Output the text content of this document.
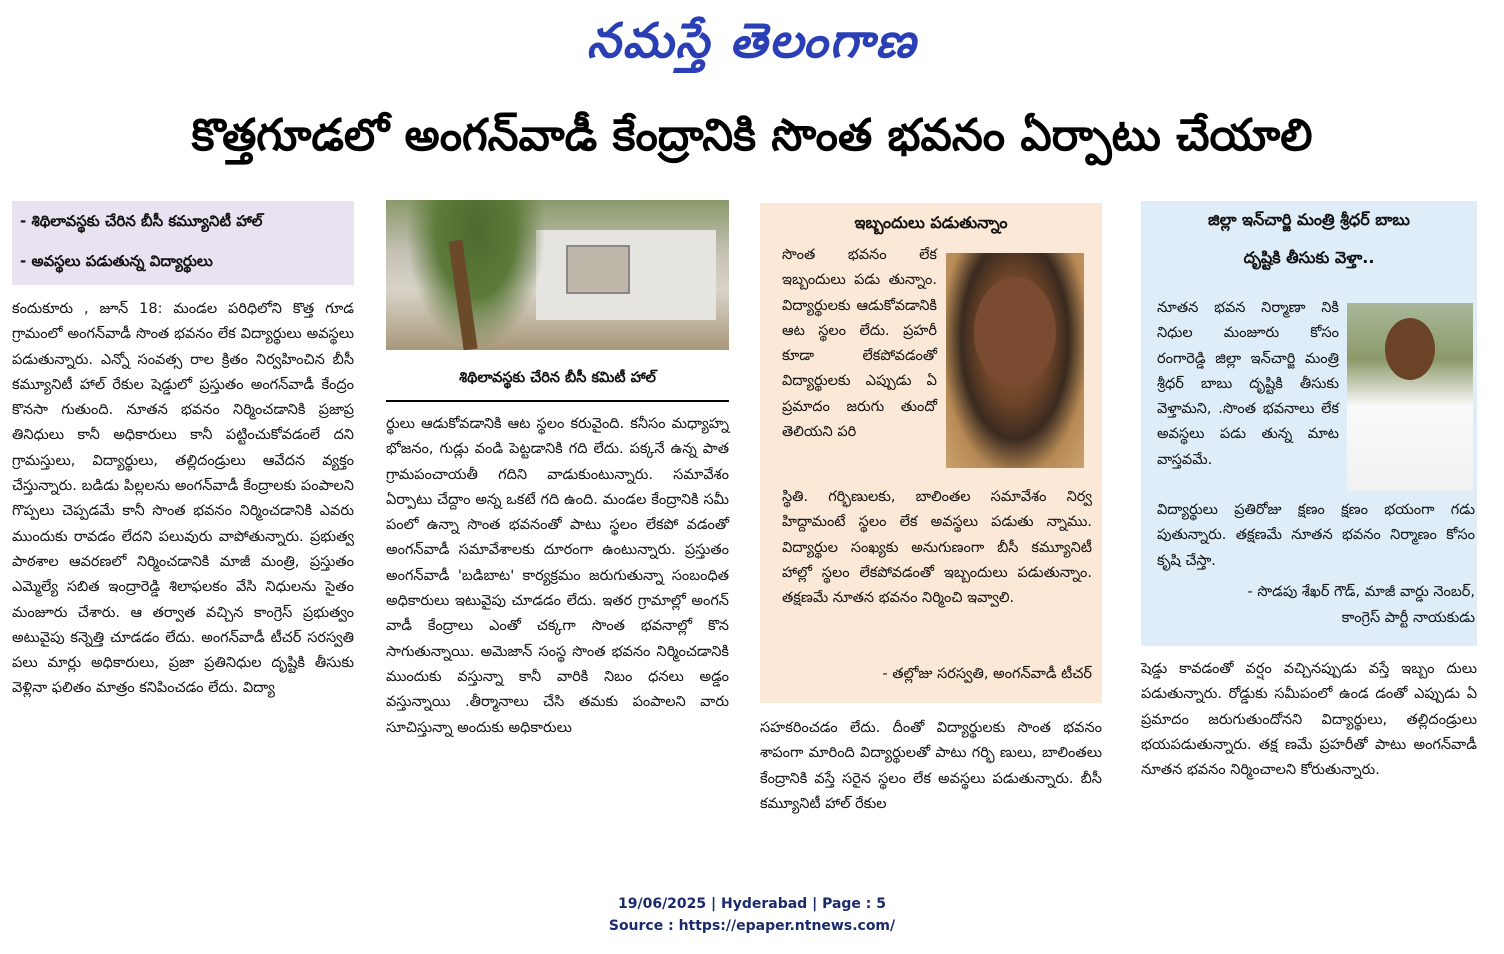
నమస్తే తెలంగాణ
కొత్తగూడలో అంగన్‌వాడీ కేంద్రానికి సొంత భవనం ఏర్పాటు చేయాలి
- శిథిలావస్థకు చేరిన బీసీ కమ్యూనిటీ హాల్
- అవస్థలు పడుతున్న విద్యార్థులు
కందుకూరు , జూన్ 18: మండల పరిధిలోని కొత్త గూడ గ్రామంలో అంగన్‌వాడీ సొంత భవనం లేక విద్యార్థులు అవస్థలు పడుతున్నారు. ఎన్నో సంవత్స రాల క్రితం నిర్వహించిన బీసీ కమ్యూనిటీ హాల్ రేకుల షెడ్డులో ప్రస్తుతం అంగన్‌వాడీ కేంద్రం కొనసా గుతుంది. నూతన భవనం నిర్మించడానికి ప్రజాప్ర తినిధులు కానీ అధికారులు కానీ పట్టించుకోవడంలే దని గ్రామస్తులు, విద్యార్థులు, తల్లిదండ్రులు ఆవేదన వ్యక్తం చేస్తున్నారు. బడిడు పిల్లలను అంగన్‌వాడీ కేంద్రాలకు పంపాలని గొప్పలు చెప్పడమే కానీ సొంత భవనం నిర్మించడానికి ఎవరు ముందుకు రావడం లేదని పలువురు వాపోతున్నారు. ప్రభుత్వ పాఠశాల ఆవరణలో నిర్మించడానికి మాజీ మంత్రి, ప్రస్తుతం ఎమ్మెల్యే సబిత ఇంద్రారెడ్డి శిలాఫలకం వేసి నిధులను సైతం మంజూరు చేశారు. ఆ తర్వాత వచ్చిన కాంగ్రెస్ ప్రభుత్వం అటువైపు కన్నెత్తి చూడడం లేదు. అంగన్‌వాడీ టీచర్ సరస్వతి పలు మార్లు అధికారులు, ప్రజా ప్రతినిధుల దృష్టికి తీసుకు వెళ్లినా ఫలితం మాత్రం కనిపించడం లేదు. విద్యా
శిథిలావస్థకు చేరిన బీసీ కమిటీ హాల్
ర్థులు ఆడుకోవడానికి ఆట స్థలం కరువైంది. కనీసం మధ్యాహ్న భోజనం, గుడ్లు వండి పెట్టడానికి గది లేదు. పక్కనే ఉన్న పాత గ్రామపంచాయతీ గదిని వాడుకుంటున్నారు. సమావేశం ఏర్పాటు చేద్దాం అన్న ఒకటే గది ఉంది. మండల కేంద్రానికి సమీ పంలో ఉన్నా సొంత భవనంతో పాటు స్థలం లేకపో వడంతో అంగన్‌వాడీ సమావేశాలకు దూరంగా ఉంటున్నారు. ప్రస్తుతం అంగన్‌వాడీ 'బడిబాట' కార్యక్రమం జరుగుతున్నా సంబంధిత అధికారులు ఇటువైపు చూడడం లేదు. ఇతర గ్రామాల్లో అంగన్ వాడీ కేంద్రాలు ఎంతో చక్కగా సొంత భవనాల్లో కొన సాగుతున్నాయి. అమెజాన్ సంస్థ సొంత భవనం నిర్మించడానికి ముందుకు వస్తున్నా కానీ వారికి నిబం ధనలు అడ్డం వస్తున్నాయి .తీర్మానాలు చేసి తమకు పంపాలని వారు సూచిస్తున్నా అందుకు అధికారులు
ఇబ్బందులు పడుతున్నాం
సొంత భవనం లేక ఇబ్బందులు పడు తున్నాం. విద్యార్థులకు ఆడుకోవడానికి ఆట స్థలం లేదు. ప్రహరీ కూడా లేకపోవడంతో విద్యార్థులకు ఎప్పుడు ఏ ప్రమాదం జరుగు తుందో తెలియని పరి
స్థితి. గర్భిణులకు, బాలింతల సమావేశం నిర్వ హిద్దామంటే స్థలం లేక అవస్థలు పడుతు న్నాము. విద్యార్థుల సంఖ్యకు అనుగుణంగా బీసీ కమ్యూనిటీ హాల్లో స్థలం లేకపోవడంతో ఇబ్బందులు పడుతున్నాం. తక్షణమే నూతన భవనం నిర్మించి ఇవ్వాలి.
- తల్లోజు సరస్వతి, అంగన్‌వాడీ టీచర్
సహకరించడం లేదు. దీంతో విద్యార్థులకు సొంత భవనం శాపంగా మారింది విద్యార్థులతో పాటు గర్భి ణులు, బాలింతలు కేంద్రానికి వస్తే సరైన స్థలం లేక అవస్థలు పడుతున్నారు. బీసీ కమ్యూనిటీ హాల్ రేకుల
జిల్లా ఇన్‌చార్జి మంత్రి శ్రీధర్ బాబు
దృష్టికి తీసుకు వెళ్తా..
నూతన భవన నిర్మాణా నికి నిధుల మంజూరు కోసం రంగారెడ్డి జిల్లా ఇన్‌చార్జి మంత్రి శ్రీధర్ బాబు దృష్టికి తీసుకు వెళ్తామని, .సొంత భవనాలు లేక అవస్థలు పడు తున్న మాట వాస్తవమే.
విద్యార్థులు ప్రతిరోజు క్షణం క్షణం భయంగా గడు పుతున్నారు. తక్షణమే నూతన భవనం నిర్మాణం కోసం కృషి చేస్తా.
- సొడపు శేఖర్ గౌడ్, మాజీ వార్డు నెంబర్,
కాంగ్రెస్ పార్టీ నాయకుడు
షెడ్డు కావడంతో వర్షం వచ్చినప్పుడు వస్తే ఇబ్బం దులు పడుతున్నారు. రోడ్డుకు సమీపంలో ఉండ డంతో ఎప్పుడు ఏ ప్రమాదం జరుగుతుందోనని విద్యార్థులు, తల్లిదండ్రులు భయపడుతున్నారు. తక్ష ణమే ప్రహరీతో పాటు అంగన్‌వాడీ నూతన భవనం నిర్మించాలని కోరుతున్నారు.
19/06/2025 | Hyderabad | Page : 5
Source : https://epaper.ntnews.com/
